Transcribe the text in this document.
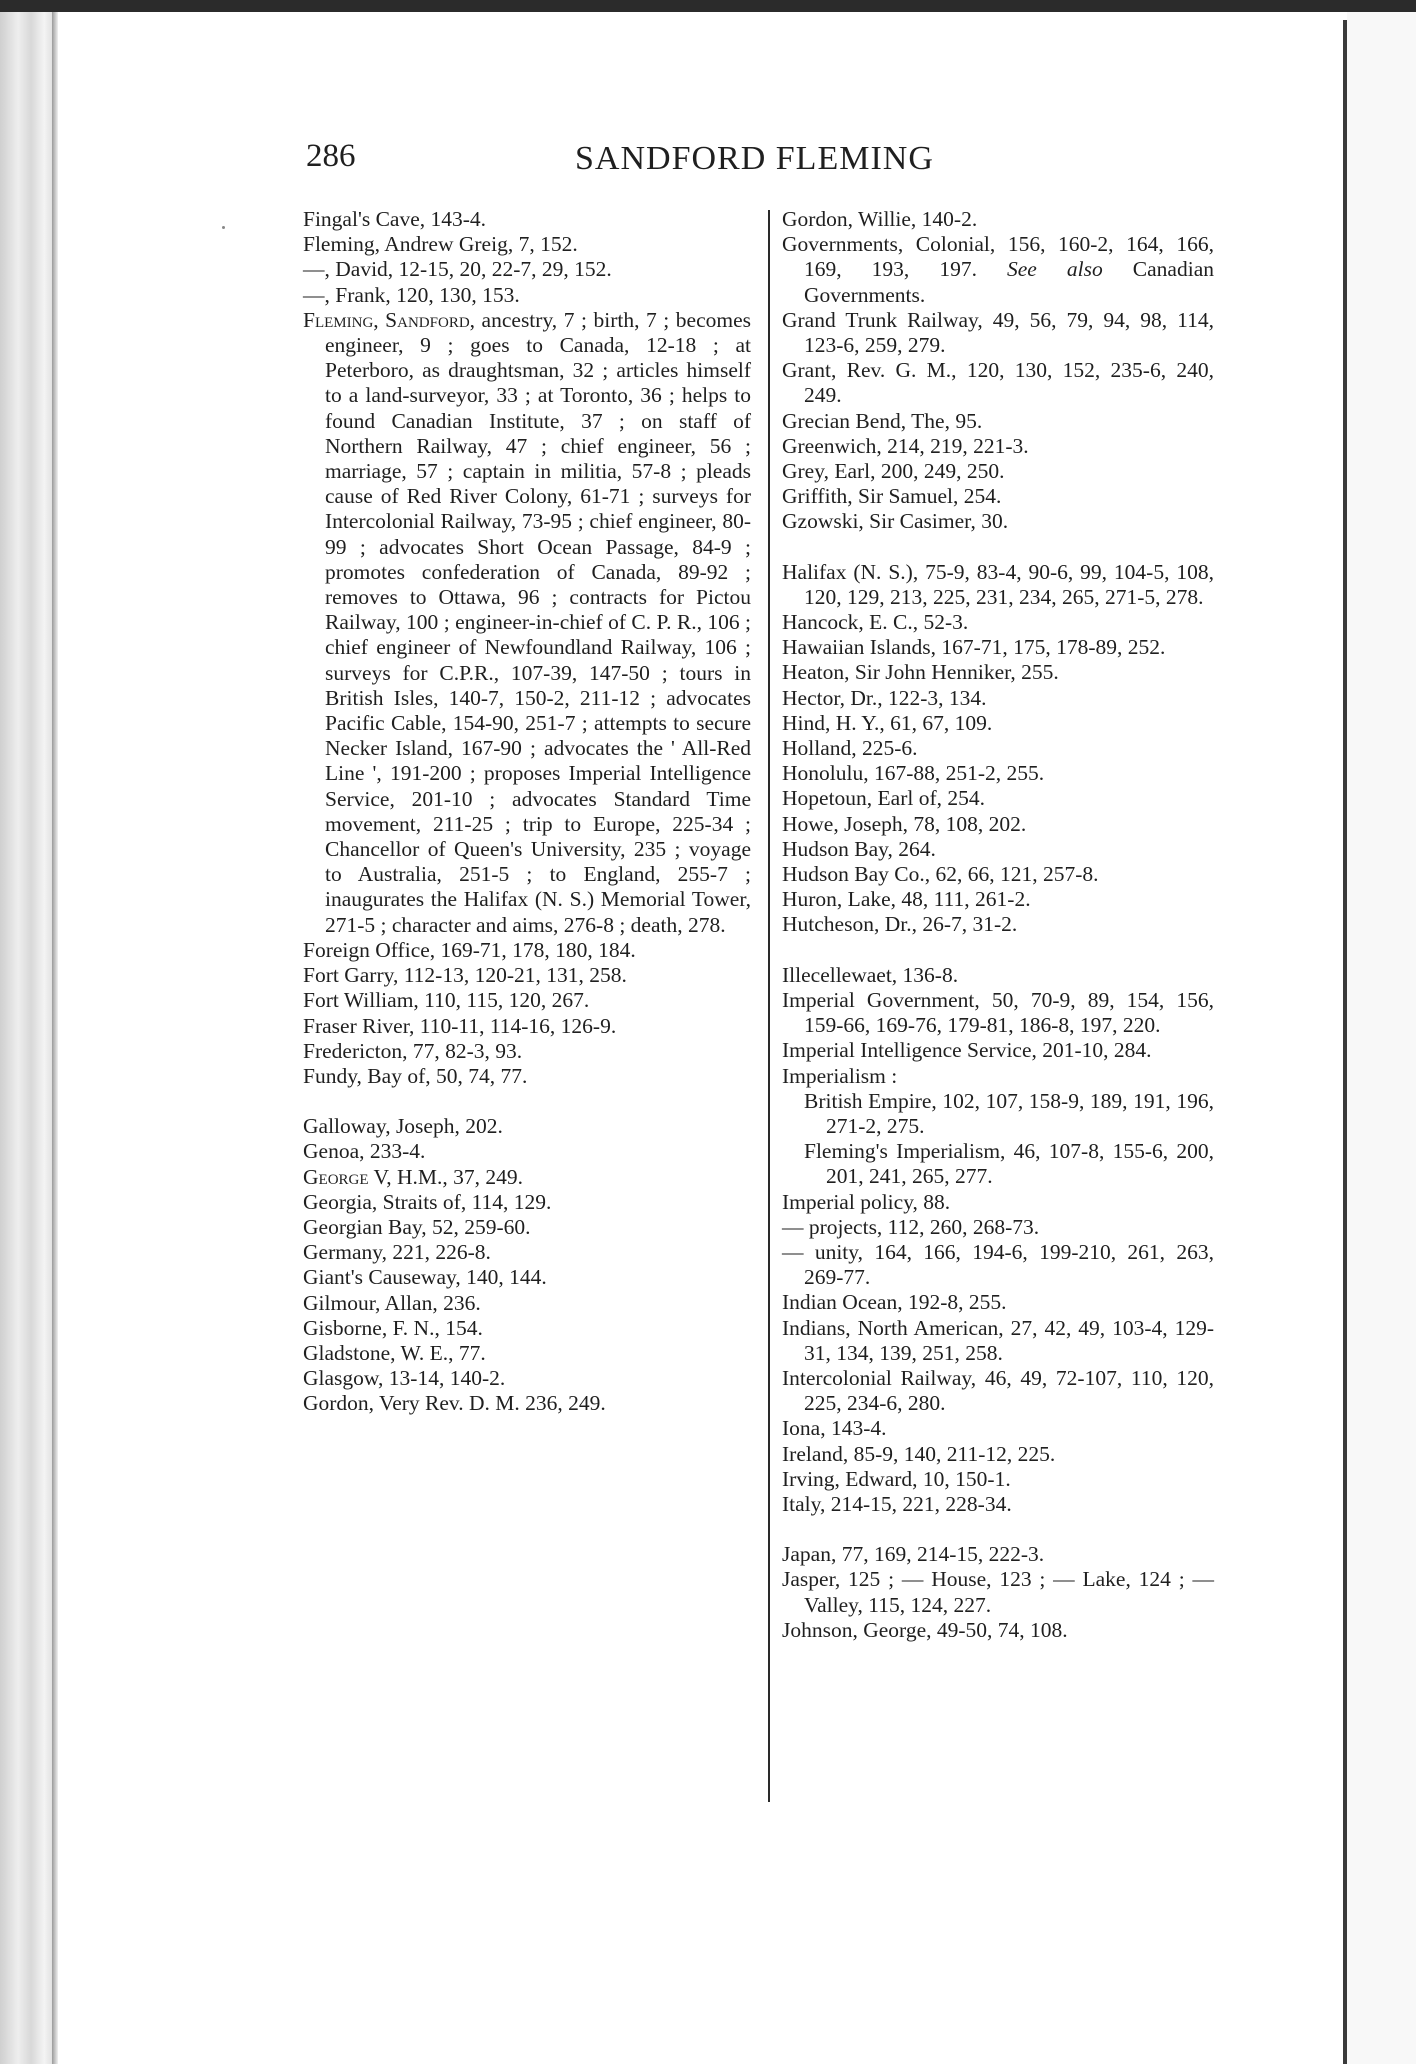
286	SANDFORD FLEMING

Fingal's Cave, 143-4.

Fleming, Andrew Greig, 7, 152.

—, David, 12-15, 20, 22-7, 29, 152.

—, Frank, 120, 130, 153.

Fleming, Sandford, ancestry, 7 ; birth, 7 ; becomes engineer, 9 ; goes to Canada, 12-18 ; at Peterboro, as draughtsman, 32 ; articles himself to a land-surveyor, 33 ; at Toronto, 36 ; helps to found Canadian Institute, 37 ; on staff of Northern Railway, 47 ; chief engineer, 56 ; marriage, 57 ; captain in militia, 57-8 ; pleads cause of Red River Colony, 61-71 ; surveys for Intercolonial Railway, 73-95 ; chief engineer, 80-99 ; advocates Short Ocean Passage, 84-9 ; promotes confederation of Canada, 89-92 ; removes to Ottawa, 96 ; contracts for Pictou Railway, 100 ; engineer-in-chief of C. P. R., 106 ; chief engineer of Newfoundland Railway, 106 ; surveys for C.P.R., 107-39, 147-50 ; tours in British Isles, 140-7, 150-2, 211-12 ; advocates Pacific Cable, 154-90, 251-7 ; attempts to secure Necker Island, 167-90 ; advocates the ' All-Red Line ', 191-200 ; proposes Imperial Intelligence Service, 201-10 ; advocates Standard Time movement, 211-25 ; trip to Europe, 225-34 ; Chancellor of Queen's University, 235 ; voyage to Australia, 251-5 ; to England, 255-7 ; inaugurates the Halifax (N. S.) Memorial Tower, 271-5 ; character and aims, 276-8 ; death, 278.

Foreign Office, 169-71, 178, 180, 184.

Fort Garry, 112-13, 120-21, 131, 258.

Fort William, 110, 115, 120, 267.

Fraser River, 110-11, 114-16, 126-9.

Fredericton, 77, 82-3, 93.

Fundy, Bay of, 50, 74, 77.

Galloway, Joseph, 202.

Genoa, 233-4.

George V, H.M., 37, 249.

Georgia, Straits of, 114, 129.

Georgian Bay, 52, 259-60.

Germany, 221, 226-8.

Giant's Causeway, 140, 144.

Gilmour, Allan, 236.

Gisborne, F. N., 154.

Gladstone, W. E., 77.

Glasgow, 13-14, 140-2.

Gordon, Very Rev. D. M. 236, 249.

Gordon, Willie, 140-2.

Governments, Colonial, 156, 160-2, 164, 166, 169, 193, 197. See also Canadian Governments.

Grand Trunk Railway, 49, 56, 79, 94, 98, 114, 123-6, 259, 279.

Grant, Rev. G. M., 120, 130, 152, 235-6, 240, 249.

Grecian Bend, The, 95.

Greenwich, 214, 219, 221-3.

Grey, Earl, 200, 249, 250.

Griffith, Sir Samuel, 254.

Gzowski, Sir Casimer, 30.

Halifax (N. S.), 75-9, 83-4, 90-6, 99, 104-5, 108, 120, 129, 213, 225, 231, 234, 265, 271-5, 278.

Hancock, E. C., 52-3.

Hawaiian Islands, 167-71, 175, 178-89, 252.

Heaton, Sir John Henniker, 255.

Hector, Dr., 122-3, 134.

Hind, H. Y., 61, 67, 109.

Holland, 225-6.

Honolulu, 167-88, 251-2, 255.

Hopetoun, Earl of, 254.

Howe, Joseph, 78, 108, 202.

Hudson Bay, 264.

Hudson Bay Co., 62, 66, 121, 257-8.

Huron, Lake, 48, 111, 261-2.

Hutcheson, Dr., 26-7, 31-2.

Illecellewaet, 136-8.

Imperial Government, 50, 70-9, 89, 154, 156, 159-66, 169-76, 179-81, 186-8, 197, 220.

Imperial Intelligence Service, 201-10, 284.

Imperialism :

British Empire, 102, 107, 158-9, 189, 191, 196, 271-2, 275.

Fleming's Imperialism, 46, 107-8, 155-6, 200, 201, 241, 265, 277.

Imperial policy, 88.

— projects, 112, 260, 268-73.

— unity, 164, 166, 194-6, 199-210, 261, 263, 269-77.

Indian Ocean, 192-8, 255.

Indians, North American, 27, 42, 49, 103-4, 129-31, 134, 139, 251, 258.

Intercolonial Railway, 46, 49, 72-107, 110, 120, 225, 234-6, 280.

Iona, 143-4.

Ireland, 85-9, 140, 211-12, 225.

Irving, Edward, 10, 150-1.

Italy, 214-15, 221, 228-34.

Japan, 77, 169, 214-15, 222-3.

Jasper, 125 ; — House, 123 ; — Lake, 124 ; — Valley, 115, 124, 227.

Johnson, George, 49-50, 74, 108.
